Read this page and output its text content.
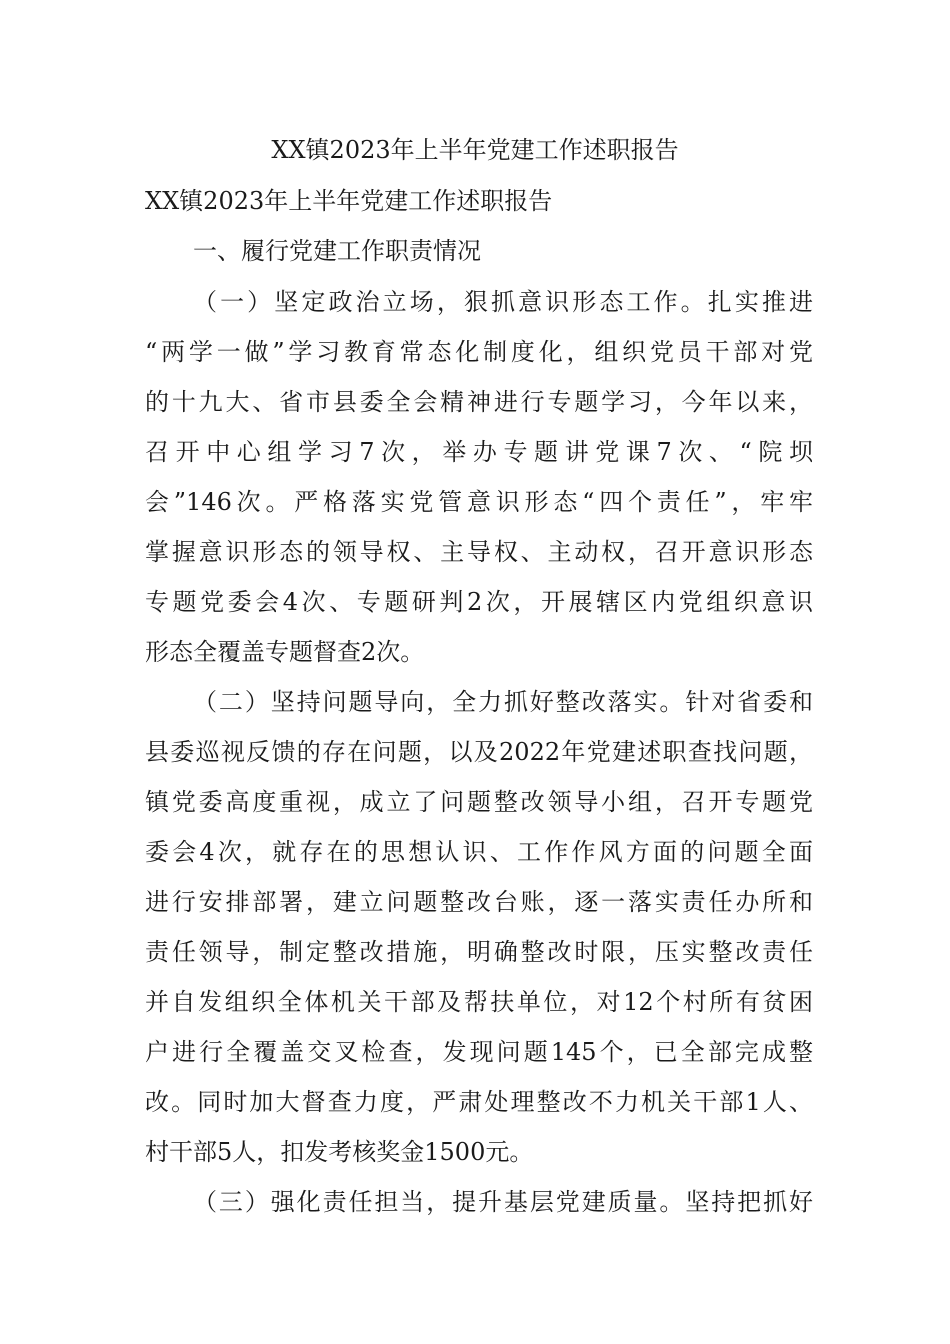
XX镇2023年上半年党建工作述职报告
XX镇2023年上半年党建工作述职报告
一、履行党建工作职责情况
（一）坚定政治立场，狠抓意识形态工作。扎实推进
“两学一做”学习教育常态化制度化，组织党员干部对党
的十九大、省市县委全会精神进行专题学习，今年以来，
召开中心组学习7次，举办专题讲党课7次、“院坝
会”146次。严格落实党管意识形态“四个责任”，牢牢
掌握意识形态的领导权、主导权、主动权，召开意识形态
专题党委会4次、专题研判2次，开展辖区内党组织意识
形态全覆盖专题督查2次。
（二）坚持问题导向，全力抓好整改落实。针对省委和
县委巡视反馈的存在问题，以及2022年党建述职查找问题，
镇党委高度重视，成立了问题整改领导小组，召开专题党
委会4次，就存在的思想认识、工作作风方面的问题全面
进行安排部署，建立问题整改台账，逐一落实责任办所和
责任领导，制定整改措施，明确整改时限，压实整改责任
并自发组织全体机关干部及帮扶单位，对12个村所有贫困
户进行全覆盖交叉检查，发现问题145个，已全部完成整
改。同时加大督查力度，严肃处理整改不力机关干部1人、
村干部5人，扣发考核奖金1500元。
（三）强化责任担当，提升基层党建质量。坚持把抓好
